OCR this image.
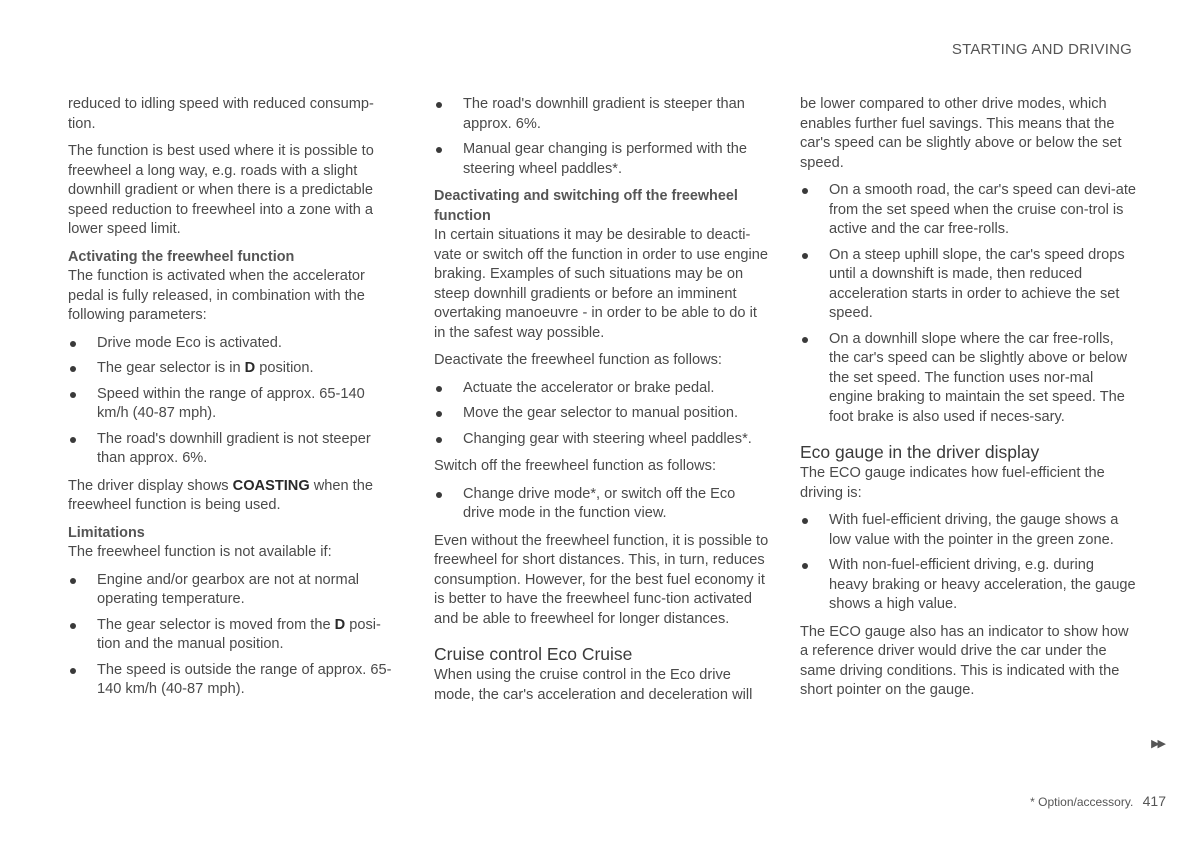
STARTING AND DRIVING

reduced to idling speed with reduced consump-tion.

The function is best used where it is possible to freewheel a long way, e.g. roads with a slight downhill gradient or when there is a predictable speed reduction to freewheel into a zone with a lower speed limit.

Activating the freewheel function

The function is activated when the accelerator pedal is fully released, in combination with the following parameters:

Drive mode Eco is activated.
The gear selector is in D position.
Speed within the range of approx. 65-140 km/h (40-87 mph).
The road's downhill gradient is not steeper than approx. 6%.

The driver display shows COASTING when the freewheel function is being used.

Limitations

The freewheel function is not available if:

Engine and/or gearbox are not at normal operating temperature.
The gear selector is moved from the D posi-tion and the manual position.
The speed is outside the range of approx. 65-140 km/h (40-87 mph).
The road's downhill gradient is steeper than approx. 6%.
Manual gear changing is performed with the steering wheel paddles*.
Deactivating and switching off the freewheel function

In certain situations it may be desirable to deacti-vate or switch off the function in order to use engine braking. Examples of such situations may be on steep downhill gradients or before an imminent overtaking manoeuvre - in order to be able to do it in the safest way possible.

Deactivate the freewheel function as follows:

Actuate the accelerator or brake pedal.
Move the gear selector to manual position.
Changing gear with steering wheel paddles*.

Switch off the freewheel function as follows:

Change drive mode*, or switch off the Eco drive mode in the function view.

Even without the freewheel function, it is possible to freewheel for short distances. This, in turn, reduces consumption. However, for the best fuel economy it is better to have the freewheel func-tion activated and be able to freewheel for longer distances.

Cruise control Eco Cruise

When using the cruise control in the Eco drive mode, the car's acceleration and deceleration will

be lower compared to other drive modes, which enables further fuel savings. This means that the car's speed can be slightly above or below the set speed.

On a smooth road, the car's speed can devi-ate from the set speed when the cruise con-trol is active and the car free-rolls.
On a steep uphill slope, the car's speed drops until a downshift is made, then reduced acceleration starts in order to achieve the set speed.
On a downhill slope where the car free-rolls, the car's speed can be slightly above or below the set speed. The function uses nor-mal engine braking to maintain the set speed. The foot brake is also used if neces-sary.
Eco gauge in the driver display

The ECO gauge indicates how fuel-efficient the driving is:

With fuel-efficient driving, the gauge shows a low value with the pointer in the green zone.
With non-fuel-efficient driving, e.g. during heavy braking or heavy acceleration, the gauge shows a high value.

The ECO gauge also has an indicator to show how a reference driver would drive the car under the same driving conditions. This is indicated with the short pointer on the gauge.

▶▶
* Option/accessory. 417
